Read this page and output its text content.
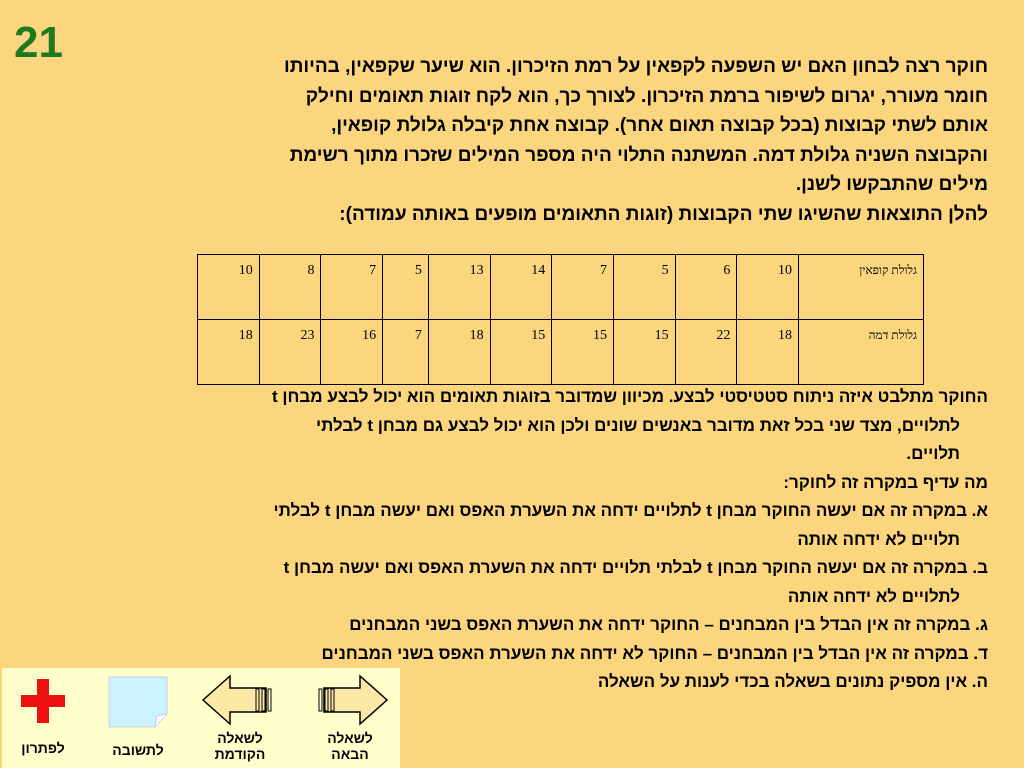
21	חוקר רצה לבחון האם יש השפעה לקפאין על רמת הזיכרון. הוא שיער שקפאין, בהיותו

חומר מעורר, יגרום לשיפור ברמת הזיכרון. לצורך כך, הוא לקח זוגות תאומים וחילק

אותם לשתי קבוצות (בכל קבוצה תאום אחר). קבוצה אחת קיבלה גלולת קופאין,

והקבוצה השניה גלולת דמה. המשתנה התלוי היה מספר המילים שזכרו מתוך רשימת

מילים שהתבקשו לשנן.

להלן התוצאות שהשיגו שתי הקבוצות (זוגות התאומים מופעים באותה עמודה):

גלולת קופאין	10	6	5	7	14	13	5	7	8	10
גלולת דמה	18	22	15	15	15	18	7	16	23	18
החוקר מתלבט איזה ניתוח סטטיסטי לבצע. מכיוון שמדובר בזוגות תאומים הוא יכול לבצע מבחן t
לתלויים, מצד שני בכל זאת מדובר באנשים שונים ולכן הוא יכול לבצע גם מבחן t לבלתי
תלויים.
מה עדיף במקרה זה לחוקר:
א. במקרה זה אם יעשה החוקר מבחן t לתלויים ידחה את השערת האפס ואם יעשה מבחן t לבלתי
תלויים לא ידחה אותה
ב. במקרה זה אם יעשה החוקר מבחן t לבלתי תלויים ידחה את השערת האפס ואם יעשה מבחן t
לתלויים לא ידחה אותה
ג. במקרה זה אין הבדל בין המבחנים – החוקר ידחה את השערת האפס בשני המבחנים
ד. במקרה זה אין הבדל בין המבחנים – החוקר לא ידחה את השערת האפס בשני המבחנים
ה. אין מספיק נתונים בשאלה בכדי לענות על השאלה
לפתרון	לתשובה
לשאלה
הקודמת
לשאלה
הבאה
